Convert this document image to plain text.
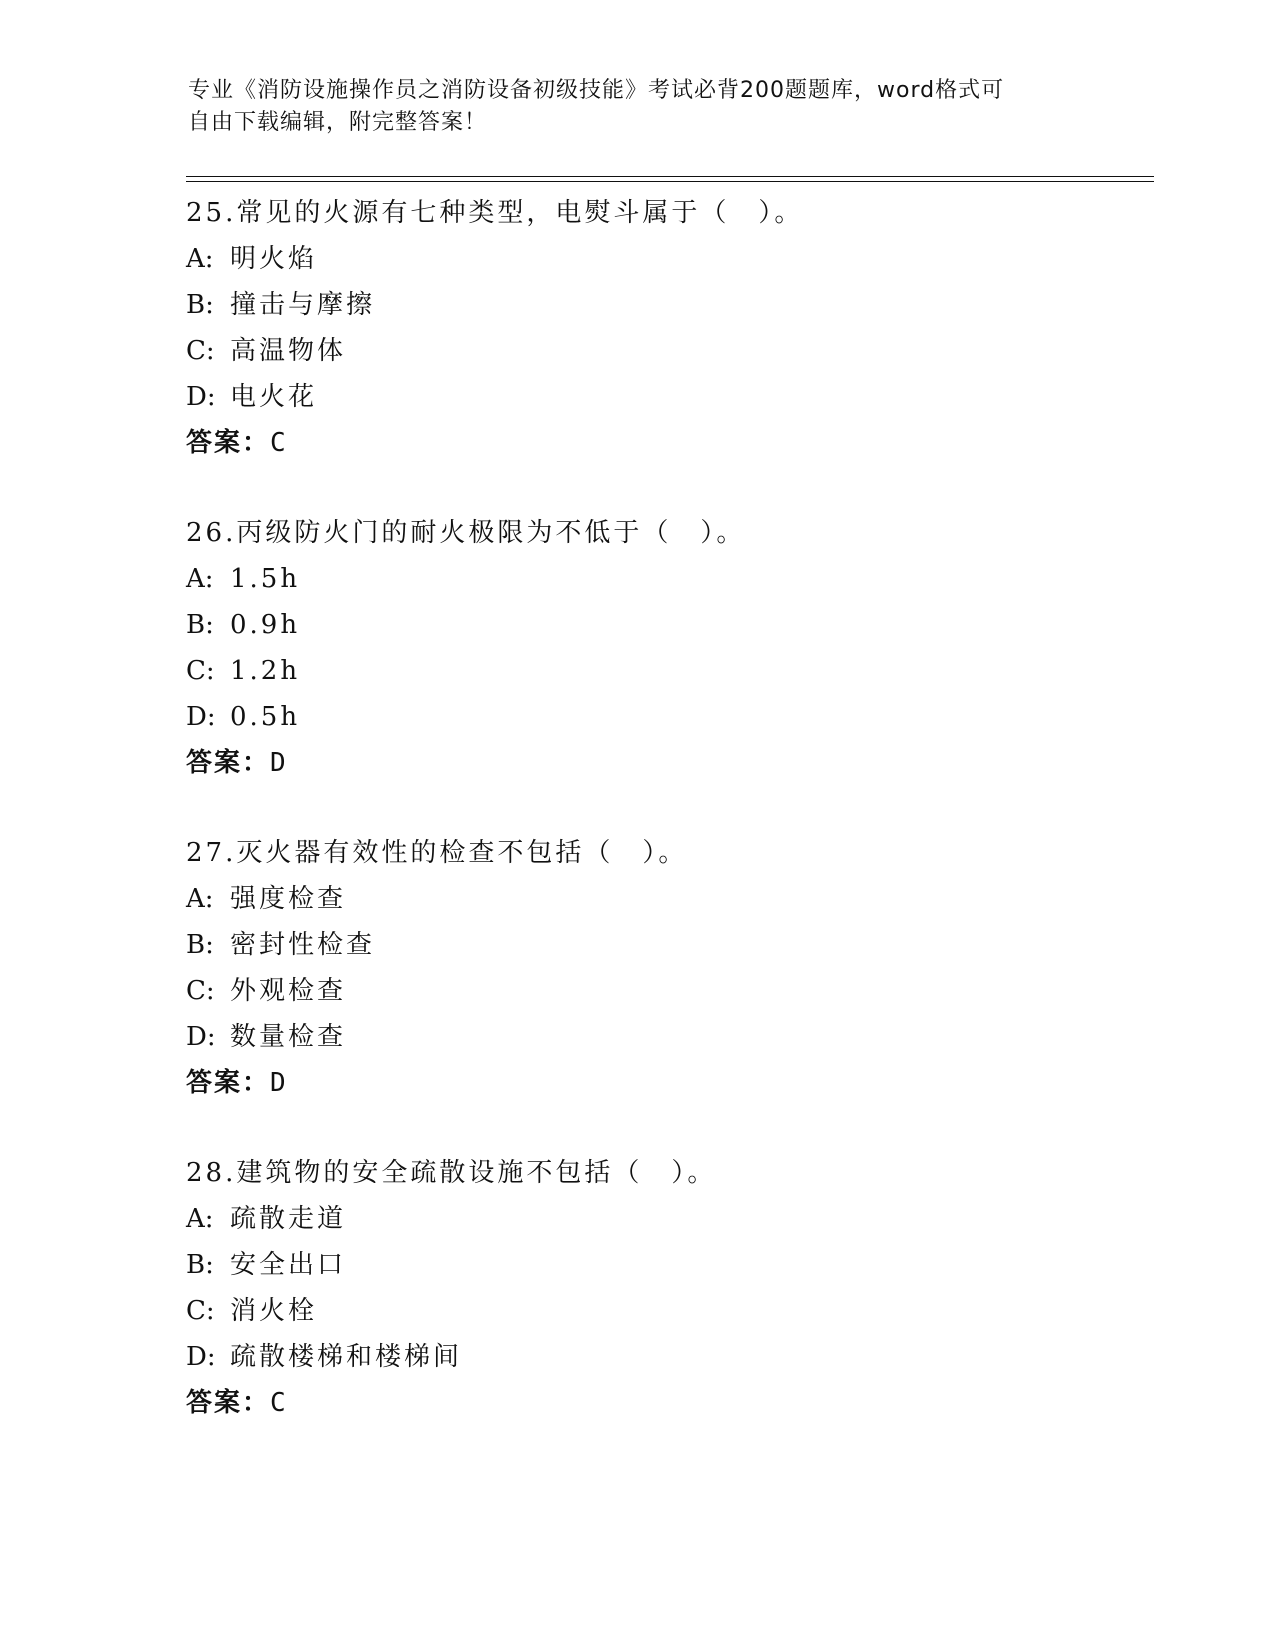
专业《消防设施操作员之消防设备初级技能》考试必背200题题库，word格式可
自由下载编辑，附完整答案！
25.常见的火源有七种类型，电熨斗属于（　）。
A: 明火焰
B: 撞击与摩擦
C: 高温物体
D: 电火花
答案：C
26.丙级防火门的耐火极限为不低于（　）。
A: 1.5h
B: 0.9h
C: 1.2h
D: 0.5h
答案：D
27.灭火器有效性的检查不包括（　）。
A: 强度检查
B: 密封性检查
C: 外观检查
D: 数量检查
答案：D
28.建筑物的安全疏散设施不包括（　）。
A: 疏散走道
B: 安全出口
C: 消火栓
D: 疏散楼梯和楼梯间
答案：C
